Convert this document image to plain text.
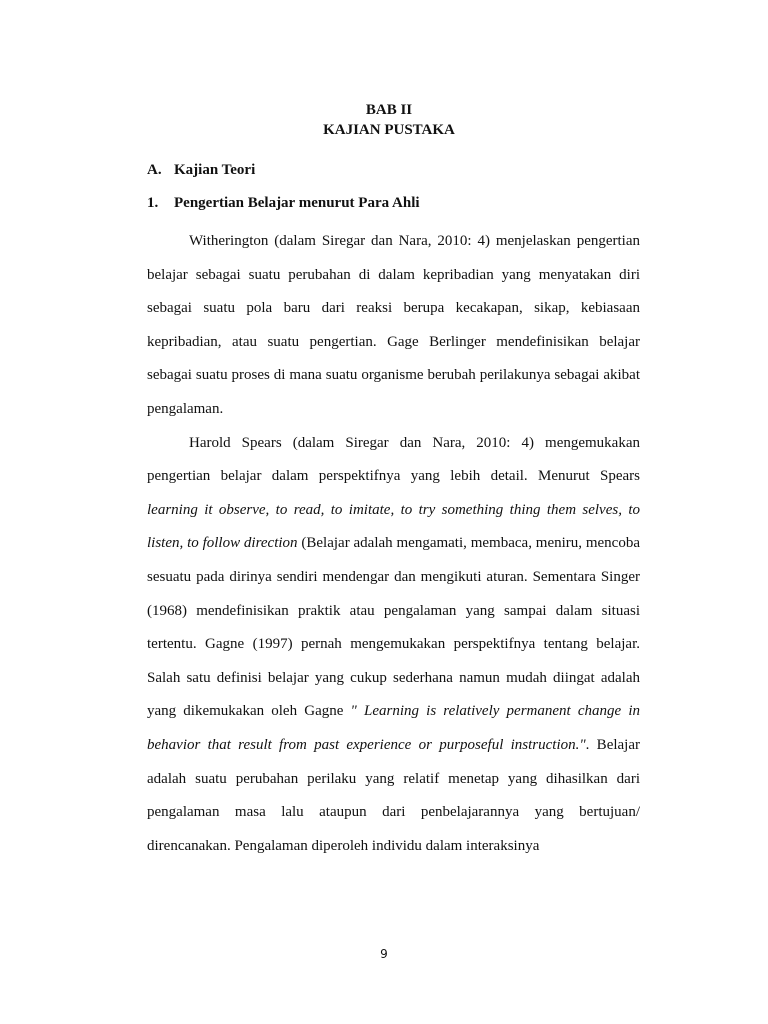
BAB II
KAJIAN PUSTAKA
A. Kajian Teori
1. Pengertian Belajar menurut Para Ahli

Witherington (dalam Siregar dan Nara, 2010: 4) menjelaskan pengertian belajar sebagai suatu perubahan di dalam kepribadian yang menyatakan diri sebagai suatu pola baru dari reaksi berupa kecakapan, sikap, kebiasaan kepribadian, atau suatu pengertian. Gage Berlinger mendefinisikan belajar sebagai suatu proses di mana suatu organisme berubah perilakunya sebagai akibat pengalaman.

Harold Spears (dalam Siregar dan Nara, 2010: 4) mengemukakan pengertian belajar dalam perspektifnya yang lebih detail. Menurut Spears learning it observe, to read, to imitate, to try something thing them selves, to listen, to follow direction (Belajar adalah mengamati, membaca, meniru, mencoba sesuatu pada dirinya sendiri mendengar dan mengikuti aturan. Sementara Singer (1968) mendefinisikan praktik atau pengalaman yang sampai dalam situasi tertentu. Gagne (1997) pernah mengemukakan perspektifnya tentang belajar. Salah satu definisi belajar yang cukup sederhana namun mudah diingat adalah yang dikemukakan oleh Gagne " Learning is relatively permanent change in behavior that result from past experience or purposeful instruction.". Belajar adalah suatu perubahan perilaku yang relatif menetap yang dihasilkan dari pengalaman masa lalu ataupun dari penbelajarannya yang bertujuan/ direncanakan. Pengalaman diperoleh individu dalam interaksinya

9
